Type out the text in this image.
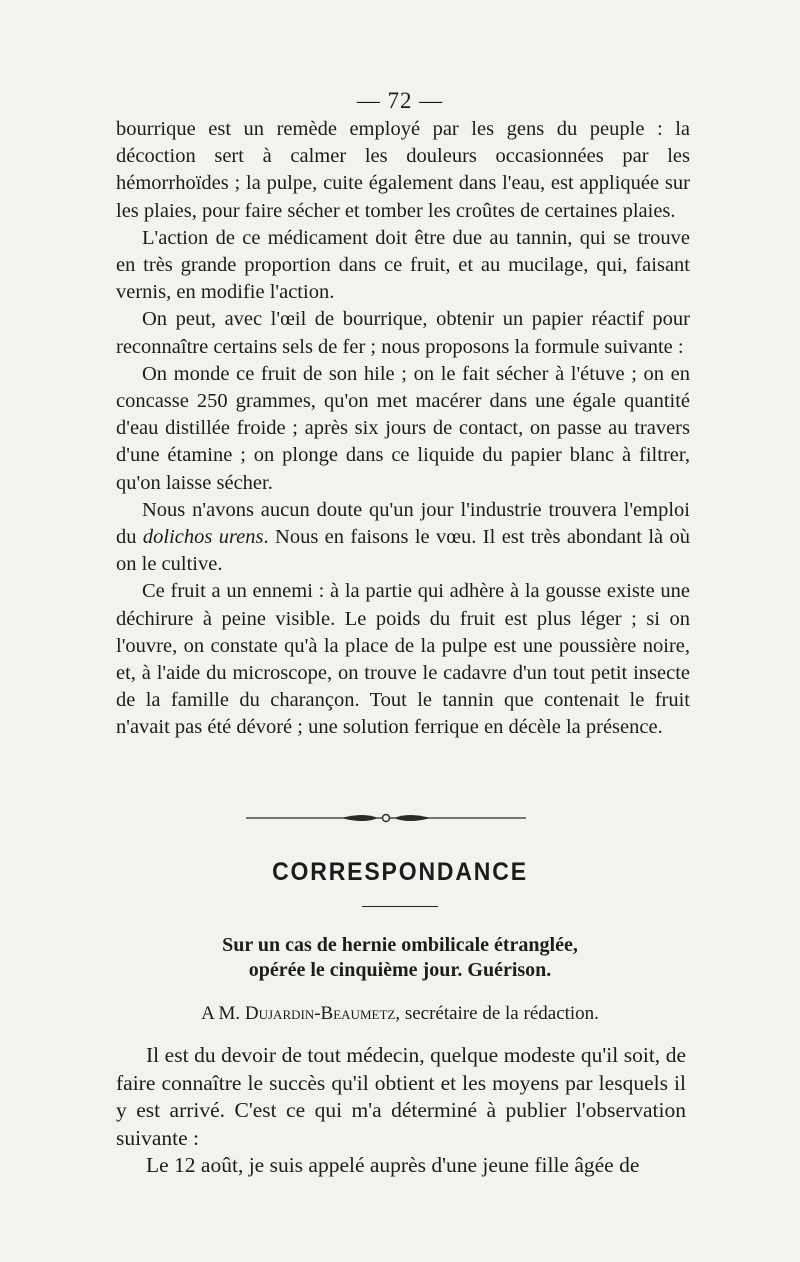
— 72 —

bourrique est un remède employé par les gens du peuple : la décoction sert à calmer les douleurs occasionnées par les hémorrhoïdes ; la pulpe, cuite également dans l'eau, est appliquée sur les plaies, pour faire sécher et tomber les croûtes de certaines plaies.

L'action de ce médicament doit être due au tannin, qui se trouve en très grande proportion dans ce fruit, et au mucilage, qui, faisant vernis, en modifie l'action.

On peut, avec l'œil de bourrique, obtenir un papier réactif pour reconnaître certains sels de fer ; nous proposons la formule suivante :

On monde ce fruit de son hile ; on le fait sécher à l'étuve ; on en concasse 250 grammes, qu'on met macérer dans une égale quantité d'eau distillée froide ; après six jours de contact, on passe au travers d'une étamine ; on plonge dans ce liquide du papier blanc à filtrer, qu'on laisse sécher.

Nous n'avons aucun doute qu'un jour l'industrie trouvera l'emploi du dolichos urens. Nous en faisons le vœu. Il est très abondant là où on le cultive.

Ce fruit a un ennemi : à la partie qui adhère à la gousse existe une déchirure à peine visible. Le poids du fruit est plus léger ; si on l'ouvre, on constate qu'à la place de la pulpe est une poussière noire, et, à l'aide du microscope, on trouve le cadavre d'un tout petit insecte de la famille du charançon. Tout le tannin que contenait le fruit n'avait pas été dévoré ; une solution ferrique en décèle la présence.

CORRESPONDANCE
Sur un cas de hernie ombilicale étranglée,
opérée le cinquième jour. Guérison.
A M. Dujardin-Beaumetz, secrétaire de la rédaction.

Il est du devoir de tout médecin, quelque modeste qu'il soit, de faire connaître le succès qu'il obtient et les moyens par lesquels il y est arrivé. C'est ce qui m'a déterminé à publier l'observation suivante :

Le 12 août, je suis appelé auprès d'une jeune fille âgée de
